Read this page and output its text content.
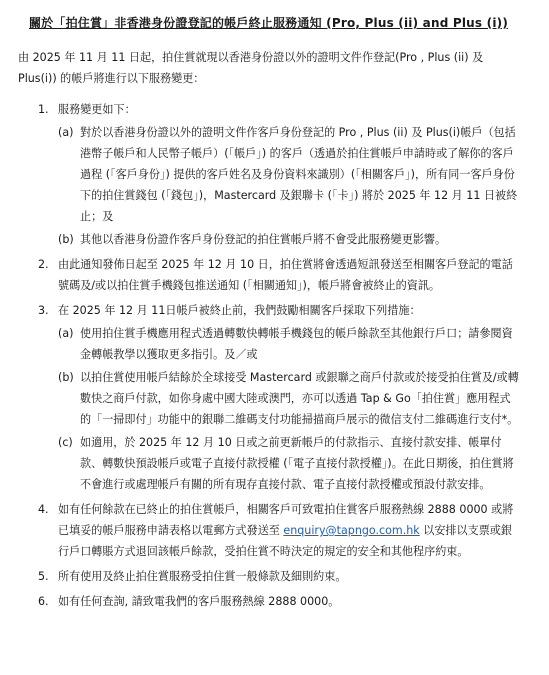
關於「拍住賞」非香港身份證登記的帳戶終止服務通知 (Pro, Plus (ii) and Plus (i))
由 2025 年 11 月 11 日起，拍住賞就現以香港身份證以外的證明文件作登記(Pro , Plus (ii) 及 Plus(i)) 的帳戶將進行以下服務變更：
1. 服務變更如下：
(a) 對於以香港身份證以外的證明文件作客戶身份登記的 Pro , Plus (ii) 及 Plus(i)帳戶（包括港幣子帳戶和人民幣子帳戶）(「帳戶」) 的客戶（透過於拍住賞帳戶申請時或了解你的客戶過程 (「客戶身份」) 提供的客戶姓名及身份資料來識別）(「相關客戶」)，所有同一客戶身份下的拍住賞錢包 (「錢包」)，Mastercard 及銀聯卡 (「卡」) 將於 2025 年 12 月 11 日被終止；及
(b) 其他以香港身份證作客戶身份登記的拍住賞帳戶將不會受此服務變更影響。
2. 由此通知發佈日起至 2025 年 12 月 10 日，拍住賞將會透過短訊發送至相關客戶登記的電話號碼及/或以拍住賞手機錢包推送通知 (「相關通知」)，帳戶將會被終止的資訊。
3. 在 2025 年 12 月 11日帳戶被終止前，我們鼓勵相關客戶採取下列措施：
(a) 使用拍住賞手機應用程式透過轉數快轉帳手機錢包的帳戶餘款至其他銀行戶口；請參閱資金轉帳教學以獲取更多指引。及／或
(b) 以拍住賞使用帳戶結餘於全球接受 Mastercard 或銀聯之商戶付款或於接受拍住賞及/或轉數快之商戶付款，如你身處中國大陸或澳門，亦可以透過 Tap & Go「拍住賞」應用程式的「一掃即付」功能中的銀聯二維碼支付功能掃描商戶展示的微信支付二維碼進行支付*。
(c) 如適用，於 2025 年 12 月 10 日或之前更新帳戶的付款指示、直接付款安排、帳單付款、轉數快預設帳戶或電子直接付款授權 (「電子直接付款授權」)。在此日期後，拍住賞將不會進行或處理帳戶有關的所有現存直接付款、電子直接付款授權或預設付款安排。
4. 如有任何餘款在已終止的拍住賞帳戶，相關客戶可致電拍住賞客戶服務熱線 2888 0000 或將已填妥的帳戶服務申請表格以電郵方式發送至 enquiry@tapngo.com.hk 以安排以支票或銀行戶口轉賬方式退回該帳戶餘款，受拍住賞不時決定的規定的安全和其他程序約束。
5. 所有使用及終止拍住賞服務受拍住賞一般條款及細則約束。
6. 如有任何查詢, 請致電我們的客戶服務熱線 2888 0000。
